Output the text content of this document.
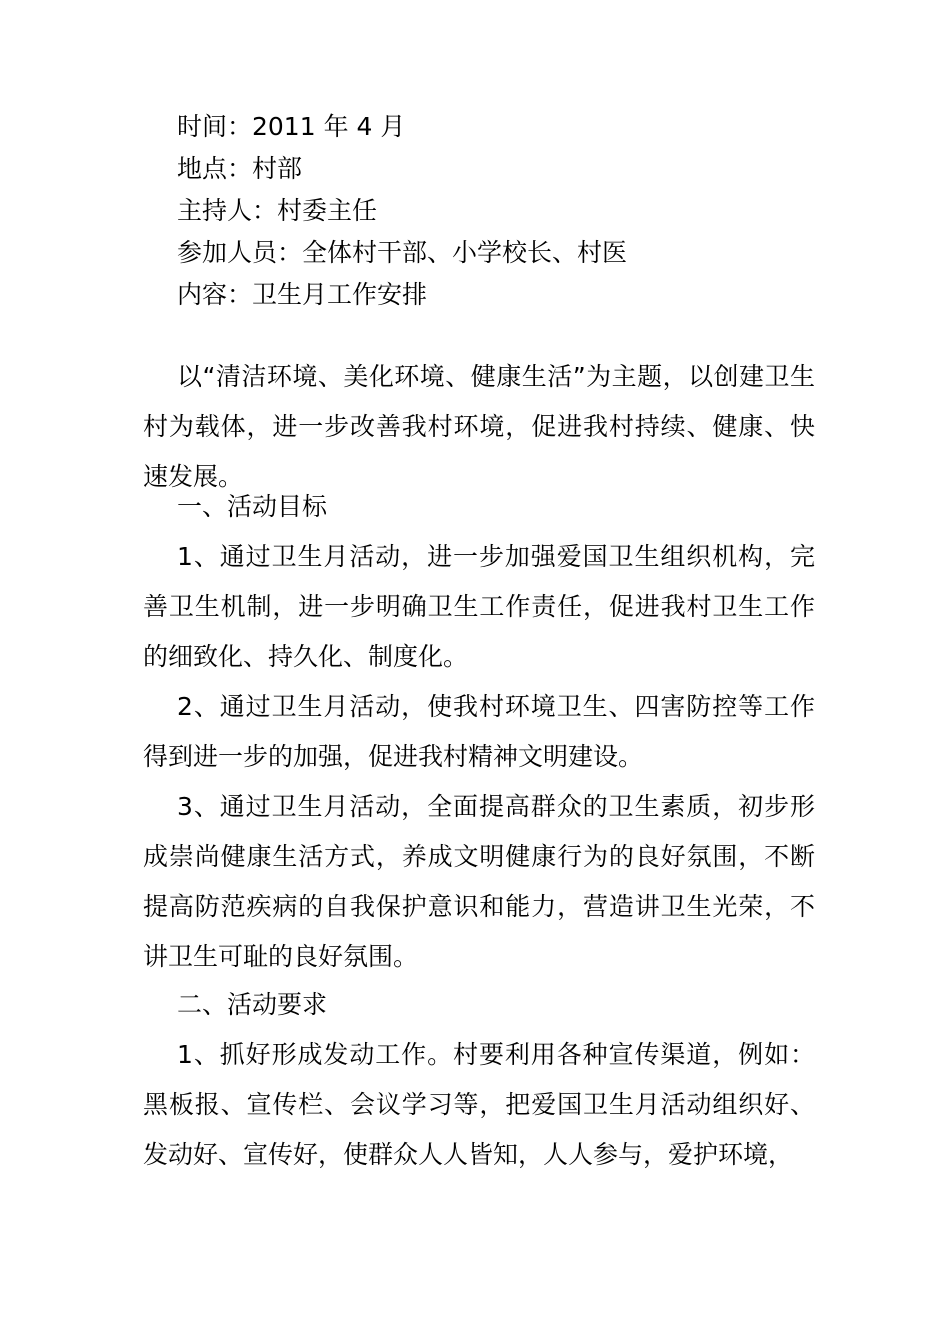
时间：2011 年 4 月
地点：村部
主持人：村委主任
参加人员：全体村干部、小学校长、村医
内容：卫生月工作安排

以“清洁环境、美化环境、健康生活”为主题，以创建卫生村为载体，进一步改善我村环境，促进我村持续、健康、快速发展。

一、活动目标

1、通过卫生月活动，进一步加强爱国卫生组织机构，完善卫生机制，进一步明确卫生工作责任，促进我村卫生工作的细致化、持久化、制度化。

2、通过卫生月活动，使我村环境卫生、四害防控等工作得到进一步的加强，促进我村精神文明建设。

3、通过卫生月活动，全面提高群众的卫生素质，初步形成崇尚健康生活方式，养成文明健康行为的良好氛围，不断提高防范疾病的自我保护意识和能力，营造讲卫生光荣，不讲卫生可耻的良好氛围。

二、活动要求

1、抓好形成发动工作。村要利用各种宣传渠道，例如：黑板报、宣传栏、会议学习等，把爱国卫生月活动组织好、发动好、宣传好，使群众人人皆知，人人参与，爱护环境，
